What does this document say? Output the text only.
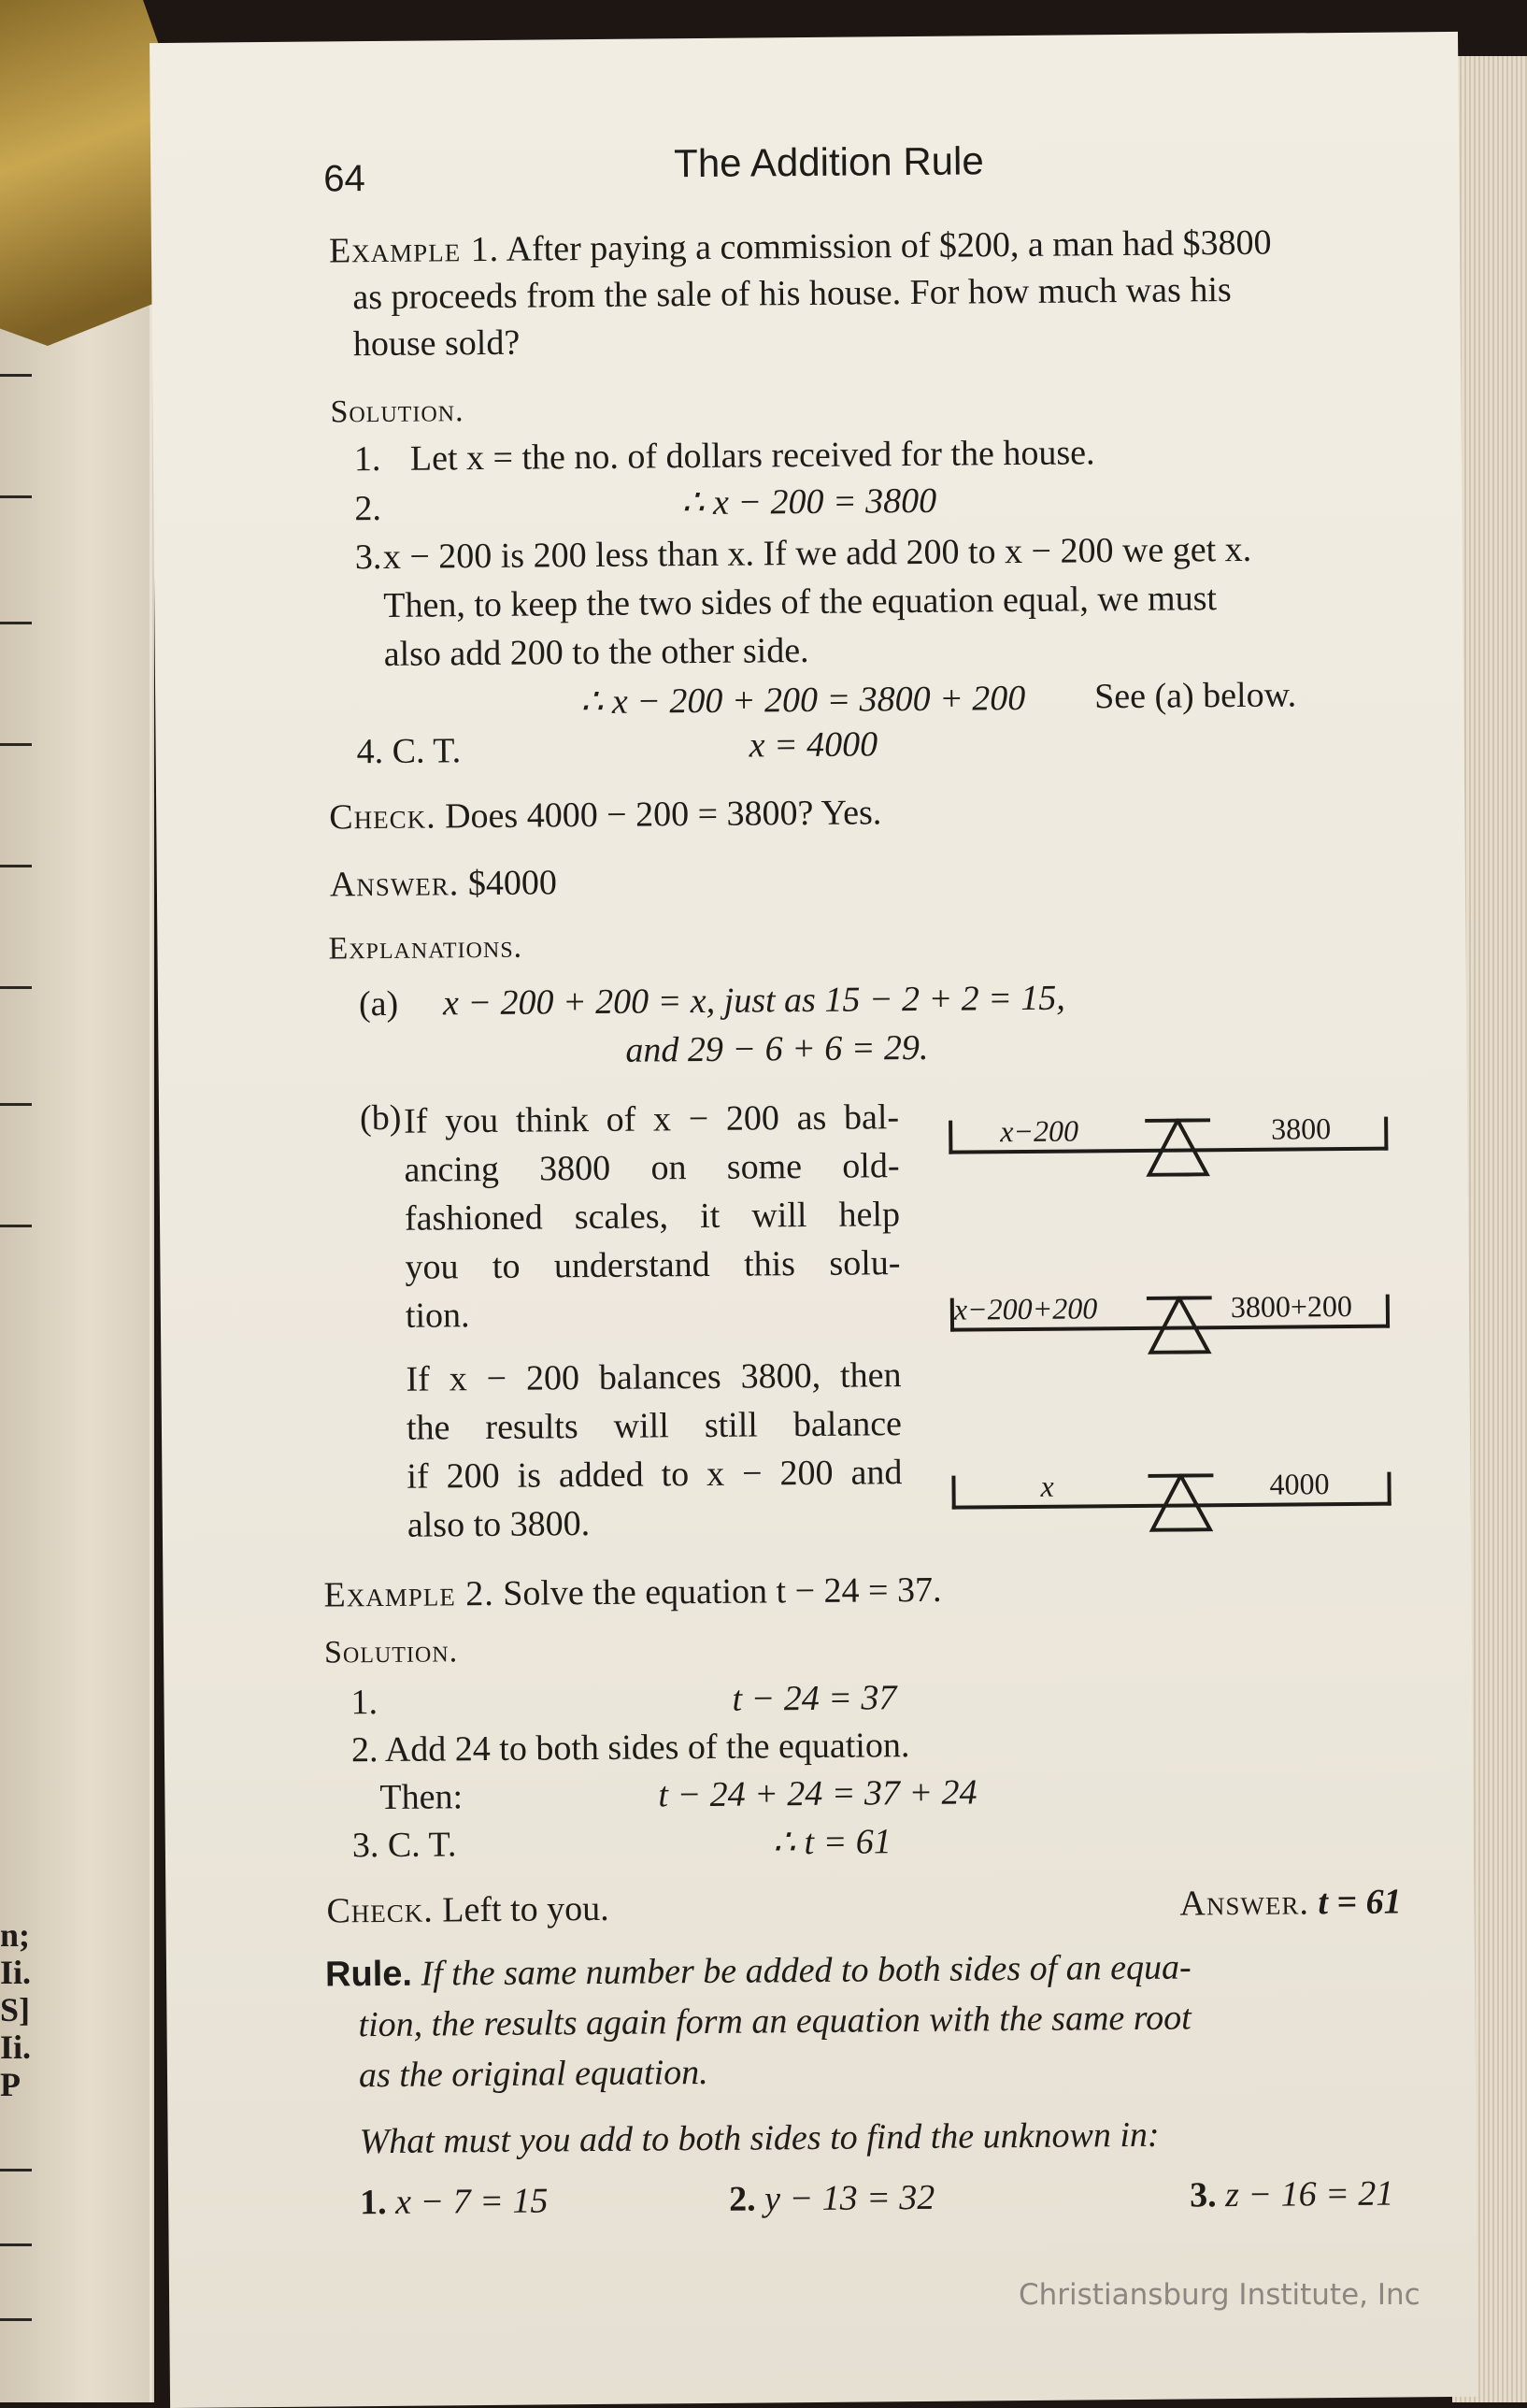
n;
Ii.
S]
Ii.
P
64	The Addition Rule
Example 1. After paying a commission of $200, a man had $3800
as proceeds from the sale of his house. For how much was his
house sold?
Solution.
1. Let x = the no. of dollars received for the house.
2.	∴ x − 200 = 3800
3. x − 200 is 200 less than x. If we add 200 to x − 200 we get x.
Then, to keep the two sides of the equation equal, we must
also add 200 to the other side.
∴ x − 200 + 200 = 3800 + 200 See (a) below.
4. C. T.	x = 4000
Check. Does 4000 − 200 = 3800? Yes.
Answer. $4000
Explanations.
(a) x − 200 + 200 = x, just as 15 − 2 + 2 = 15,
and 29 − 6 + 6 = 29.
(b) If you think of x − 200 as bal-
ancing 3800 on some old-
fashioned scales, it will help
you to understand this solu-
tion.
If x − 200 balances 3800, then
the results will still balance
if 200 is added to x − 200 and
also to 3800.
x−200	3800
x−200+200	3800+200
x	4000
Example 2. Solve the equation t − 24 = 37.
Solution.
1.	t − 24 = 37
2. Add 24 to both sides of the equation.
Then:	t − 24 + 24 = 37 + 24
3. C. T.	∴ t = 61
Check. Left to you.	Answer. t = 61
Rule. If the same number be added to both sides of an equa-
tion, the results again form an equation with the same root
as the original equation.
What must you add to both sides to find the unknown in:
1. x − 7 = 15	2. y − 13 = 32	3. z − 16 = 21
Christiansburg Institute, Inc
